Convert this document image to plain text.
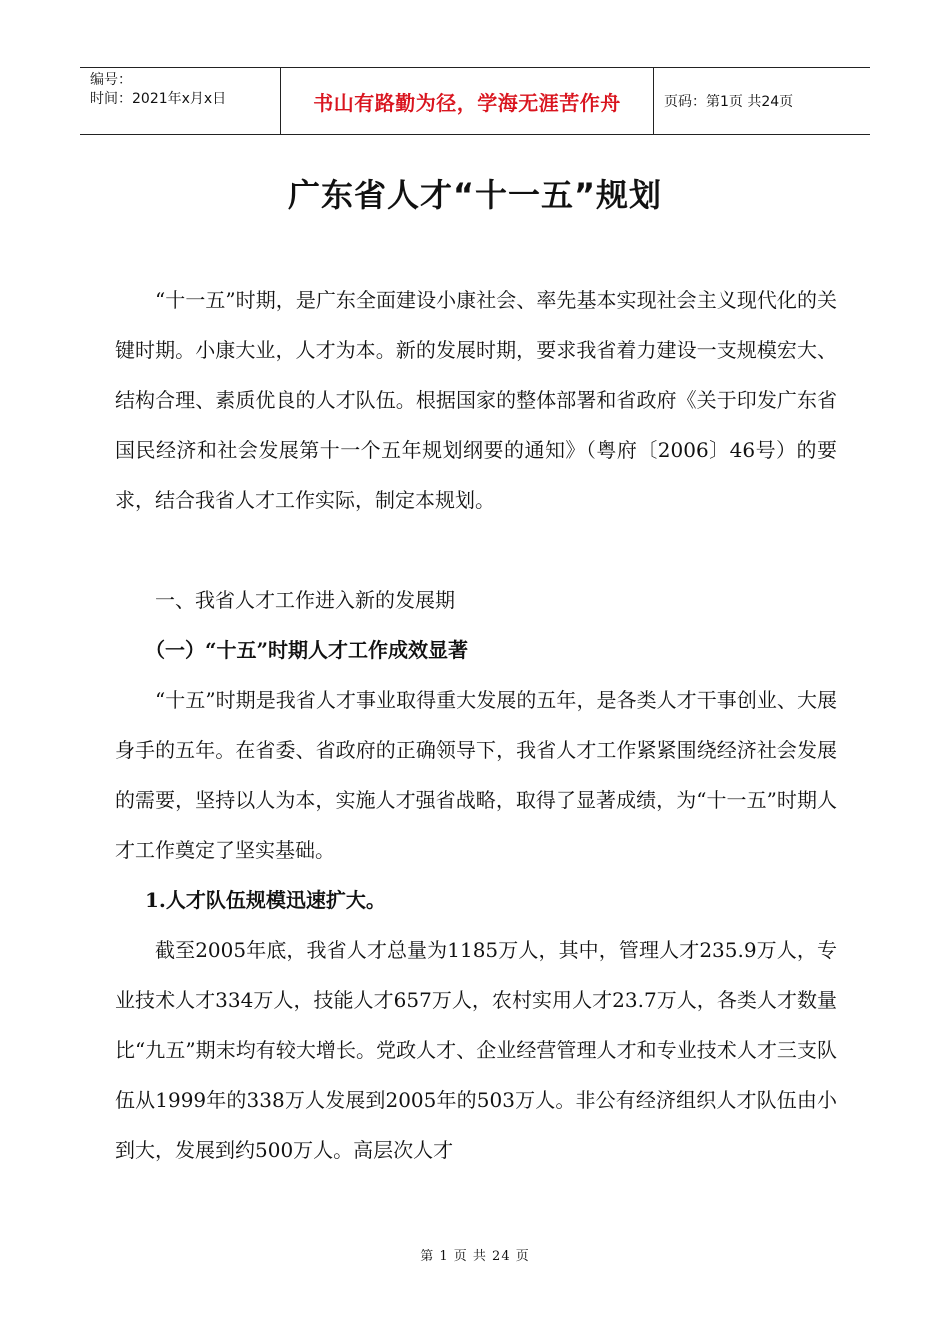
编号：
时间：2021年x月x日	书山有路勤为径，学海无涯苦作舟	页码：第1页 共24页
广东省人才“十一五”规划

“十一五”时期，是广东全面建设小康社会、率先基本实现社会主义现代化的关键时期。小康大业，人才为本。新的发展时期，要求我省着力建设一支规模宏大、结构合理、素质优良的人才队伍。根据国家的整体部署和省政府《关于印发广东省国民经济和社会发展第十一个五年规划纲要的通知》（粤府〔2006〕46号）的要求，结合我省人才工作实际，制定本规划。

一、我省人才工作进入新的发展期

（一）“十五”时期人才工作成效显著

“十五”时期是我省人才事业取得重大发展的五年，是各类人才干事创业、大展身手的五年。在省委、省政府的正确领导下，我省人才工作紧紧围绕经济社会发展的需要，坚持以人为本，实施人才强省战略，取得了显著成绩，为“十一五”时期人才工作奠定了坚实基础。

1.人才队伍规模迅速扩大。

截至2005年底，我省人才总量为1185万人，其中，管理人才235.9万人，专业技术人才334万人，技能人才657万人，农村实用人才23.7万人，各类人才数量比“九五”期末均有较大增长。党政人才、企业经营管理人才和专业技术人才三支队伍从1999年的338万人发展到2005年的503万人。非公有经济组织人才队伍由小到大，发展到约500万人。高层次人才

第 1 页 共 24 页
